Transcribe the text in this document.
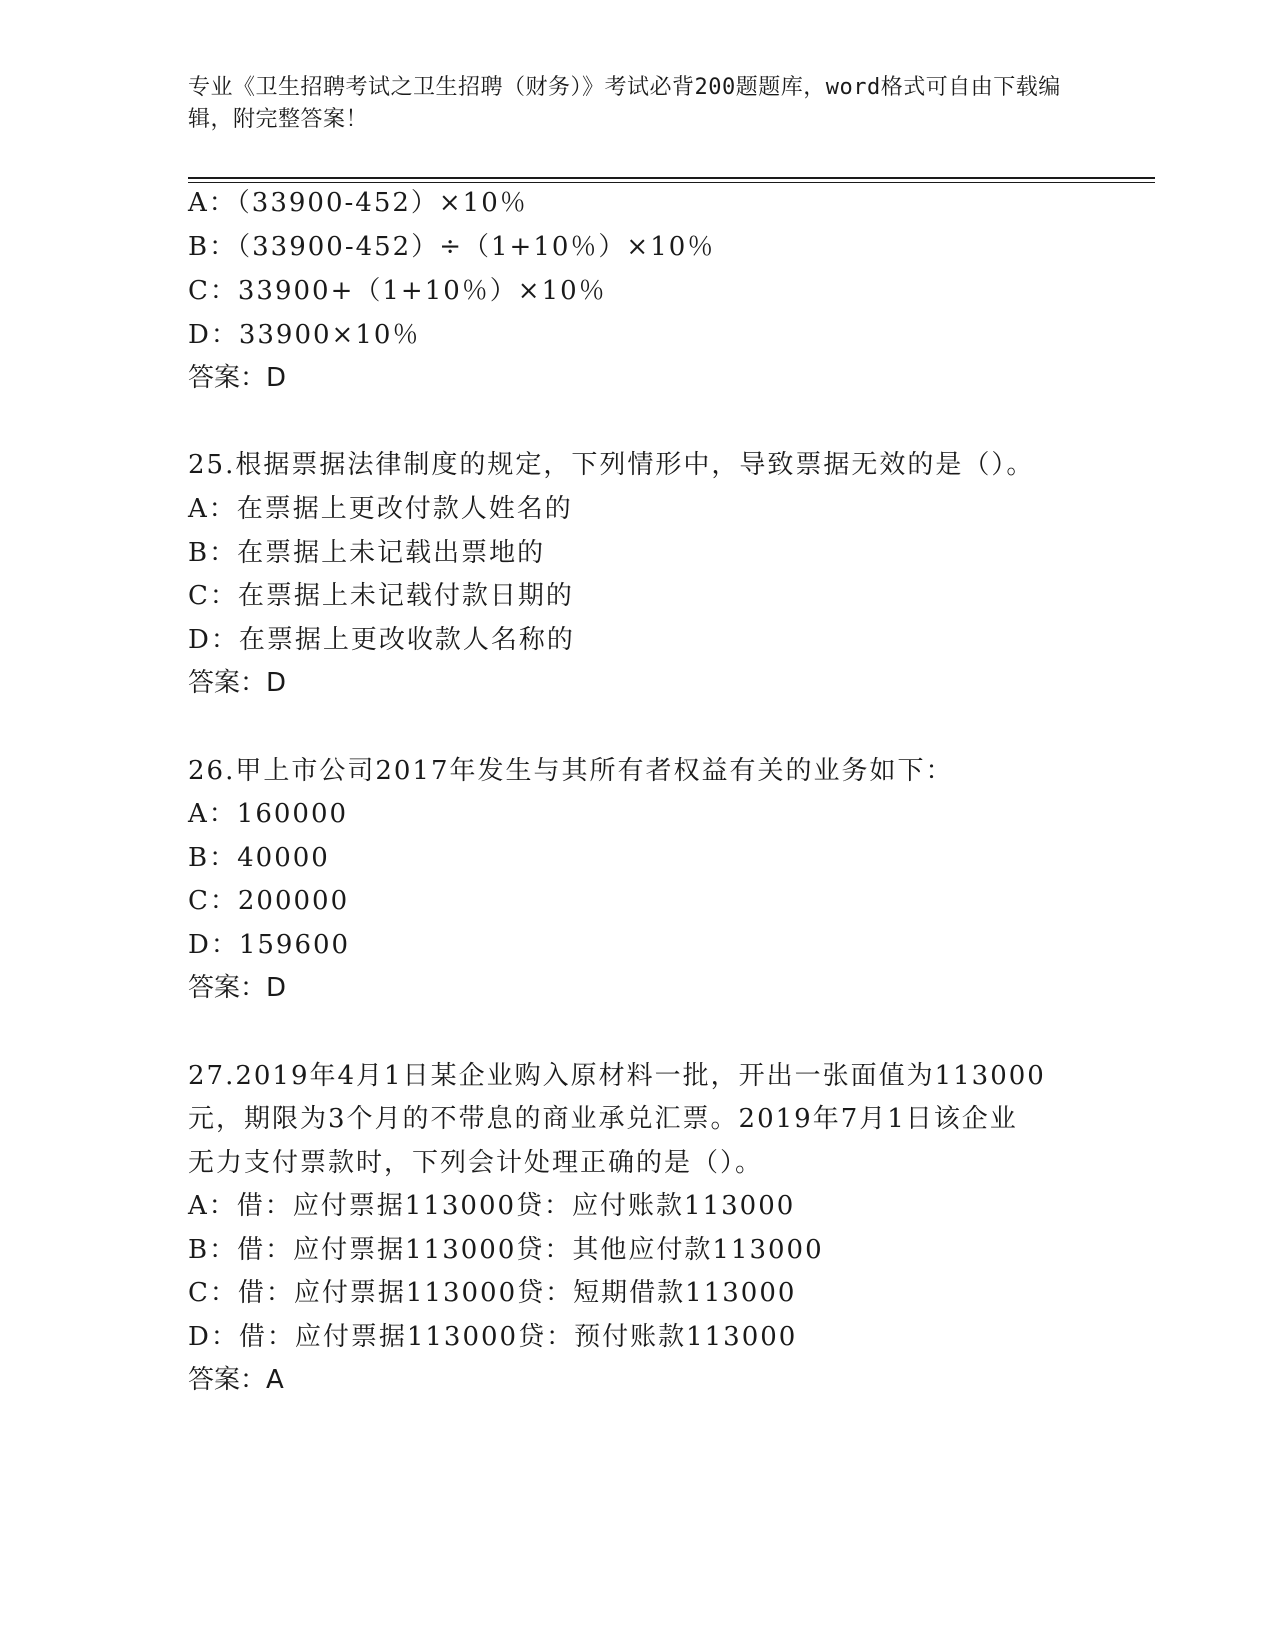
专业《卫生招聘考试之卫生招聘（财务）》考试必背200题题库，word格式可自由下载编辑，附完整答案！
A：（33900-452）×10％
B：（33900-452）÷（1+10％）×10％
C：33900+（1+10％）×10％
D：33900×10％
答案：D
25.根据票据法律制度的规定，下列情形中，导致票据无效的是（）。
A：在票据上更改付款人姓名的
B：在票据上未记载出票地的
C：在票据上未记载付款日期的
D：在票据上更改收款人名称的
答案：D
26.甲上市公司2017年发生与其所有者权益有关的业务如下：
A：160000
B：40000
C：200000
D：159600
答案：D
27.2019年4月1日某企业购入原材料一批，开出一张面值为113000
元，期限为3个月的不带息的商业承兑汇票。2019年7月1日该企业
无力支付票款时，下列会计处理正确的是（）。
A：借：应付票据113000贷：应付账款113000
B：借：应付票据113000贷：其他应付款113000
C：借：应付票据113000贷：短期借款113000
D：借：应付票据113000贷：预付账款113000
答案：A
